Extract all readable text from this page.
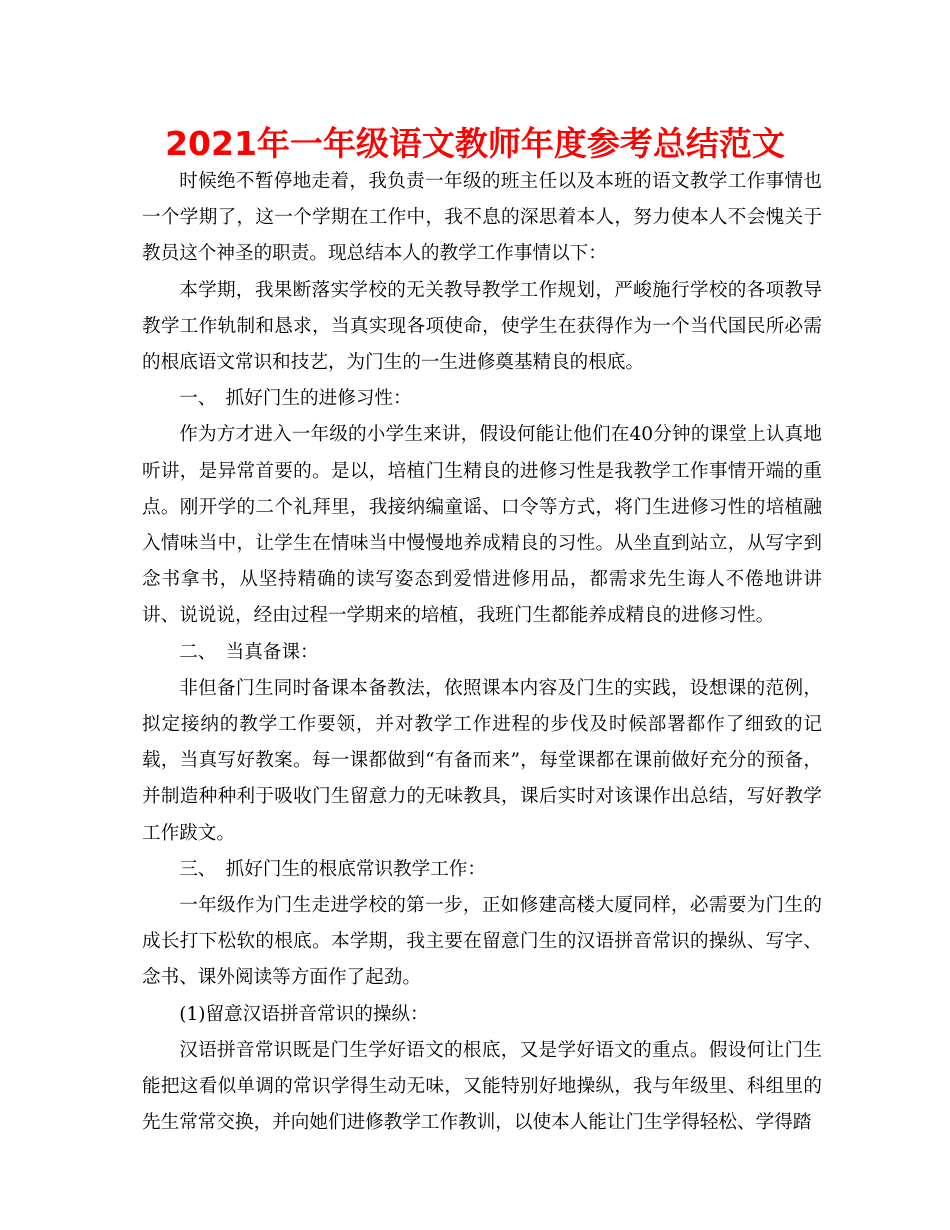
2021年一年级语文教师年度参考总结范文

时候绝不暂停地走着，我负责一年级的班主任以及本班的语文教学工作事情也一个学期了，这一个学期在工作中，我不息的深思着本人，努力使本人不会愧关于教员这个神圣的职责。现总结本人的教学工作事情以下：

本学期，我果断落实学校的无关教导教学工作规划，严峻施行学校的各项教导教学工作轨制和恳求，当真实现各项使命，使学生在获得作为一个当代国民所必需的根底语文常识和技艺，为门生的一生进修奠基精良的根底。

一、　抓好门生的进修习性：

作为方才进入一年级的小学生来讲，假设何能让他们在40分钟的课堂上认真地听讲，是异常首要的。是以，培植门生精良的进修习性是我教学工作事情开端的重点。刚开学的二个礼拜里，我接纳编童谣、口令等方式，将门生进修习性的培植融入情味当中，让学生在情味当中慢慢地养成精良的习性。从坐直到站立，从写字到念书拿书，从坚持精确的读写姿态到爱惜进修用品，都需求先生诲人不倦地讲讲讲、说说说，经由过程一学期来的培植，我班门生都能养成精良的进修习性。

二、　当真备课：

非但备门生同时备课本备教法，依照课本内容及门生的实践，设想课的范例，拟定接纳的教学工作要领，并对教学工作进程的步伐及时候部署都作了细致的记载，当真写好教案。每一课都做到“有备而来”，每堂课都在课前做好充分的预备，并制造种种利于吸收门生留意力的无味教具，课后实时对该课作出总结，写好教学工作跋文。

三、　抓好门生的根底常识教学工作：

一年级作为门生走进学校的第一步，正如修建高楼大厦同样，必需要为门生的成长打下松软的根底。本学期，我主要在留意门生的汉语拼音常识的操纵、写字、念书、课外阅读等方面作了起劲。

(1)留意汉语拼音常识的操纵：

汉语拼音常识既是门生学好语文的根底，又是学好语文的重点。假设何让门生能把这看似单调的常识学得生动无味，又能特别好地操纵，我与年级里、科组里的先生常常交换，并向她们进修教学工作教训，以使本人能让门生学得轻松、学得踏
